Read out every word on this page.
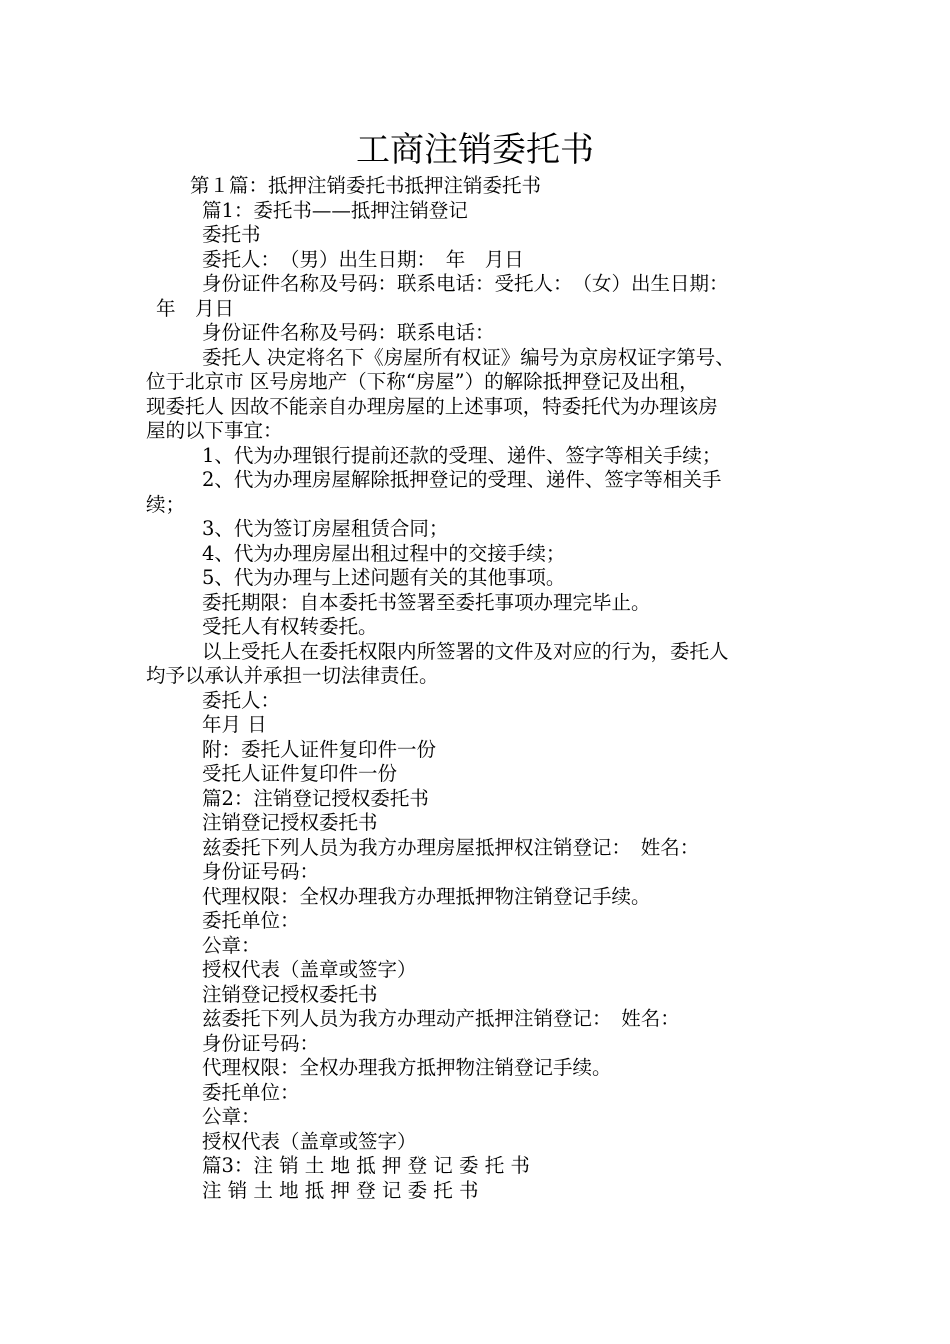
工商注销委托书
第１篇：抵押注销委托书抵押注销委托书
篇1：委托书——抵押注销登记
委托书
委托人：　（男）出生日期：　年　月日
身份证件名称及号码：联系电话：受托人：　（女）出生日期：
年　月日
身份证件名称及号码：联系电话：
委托人 决定将名下《房屋所有权证》编号为京房权证字第号、
位于北京市 区号房地产（下称“房屋”）的解除抵押登记及出租，
现委托人 因故不能亲自办理房屋的上述事项，特委托代为办理该房
屋的以下事宜：
1、代为办理银行提前还款的受理、递件、签字等相关手续；
2、代为办理房屋解除抵押登记的受理、递件、签字等相关手
续；
3、代为签订房屋租赁合同；
4、代为办理房屋出租过程中的交接手续；
5、代为办理与上述问题有关的其他事项。
委托期限：自本委托书签署至委托事项办理完毕止。
受托人有权转委托。
以上受托人在委托权限内所签署的文件及对应的行为，委托人
均予以承认并承担一切法律责任。
委托人：
年月 日
附：委托人证件复印件一份
受托人证件复印件一份
篇2：注销登记授权委托书
注销登记授权委托书
兹委托下列人员为我方办理房屋抵押权注销登记：　姓名：
身份证号码：
代理权限：全权办理我方办理抵押物注销登记手续。
委托单位：
公章：
授权代表（盖章或签字）
注销登记授权委托书
兹委托下列人员为我方办理动产抵押注销登记：　姓名：
身份证号码：
代理权限：全权办理我方抵押物注销登记手续。
委托单位：
公章：
授权代表（盖章或签字）
篇3：注 销 土 地 抵 押 登 记 委 托 书
注 销 土 地 抵 押 登 记 委 托 书
